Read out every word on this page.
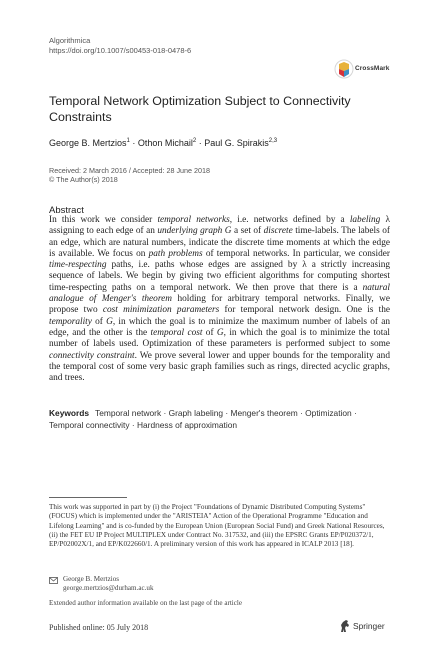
Algorithmica
https://doi.org/10.1007/s00453-018-0478-6
CrossMark
Temporal Network Optimization Subject to Connectivity
Constraints
George B. Mertzios$^1$ · Othon Michail$^2$ · Paul G. Spirakis$^{2,3}$
Received: 2 March 2016 / Accepted: 28 June 2018
© The Author(s) 2018
Abstract
In this work we consider temporal networks, i.e. networks defined by a labeling λ assigning to each edge of an underlying graph G a set of discrete time-labels. The labels of an edge, which are natural numbers, indicate the discrete time moments at which the edge is available. We focus on path problems of temporal networks. In particular, we consider time-respecting paths, i.e. paths whose edges are assigned by λ a strictly increasing sequence of labels. We begin by giving two efficient algorithms for computing shortest time-respecting paths on a temporal network. We then prove that there is a natural analogue of Menger's theorem holding for arbitrary temporal networks. Finally, we propose two cost minimization parameters for temporal network design. One is the temporality of G, in which the goal is to minimize the maximum number of labels of an edge, and the other is the temporal cost of G, in which the goal is to minimize the total number of labels used. Optimization of these parameters is performed subject to some connectivity constraint. We prove several lower and upper bounds for the temporality and the temporal cost of some very basic graph families such as rings, directed acyclic graphs, and trees.
Keywords Temporal network · Graph labeling · Menger's theorem · Optimization · Temporal connectivity · Hardness of approximation
This work was supported in part by (i) the Project "Foundations of Dynamic Distributed Computing Systems" (FOCUS) which is implemented under the "ARISTEIA" Action of the Operational Programme "Education and Lifelong Learning" and is co-funded by the European Union (European Social Fund) and Greek National Resources, (ii) the FET EU IP Project MULTIPLEX under Contract No. 317532, and (iii) the EPSRC Grants EP/P020372/1, EP/P02002X/1, and EP/K022660/1. A preliminary version of this work has appeared in ICALP 2013 [18].
George B. Mertzios
george.mertzios@durham.ac.uk
Extended author information available on the last page of the article
Published online: 05 July 2018	Springer
